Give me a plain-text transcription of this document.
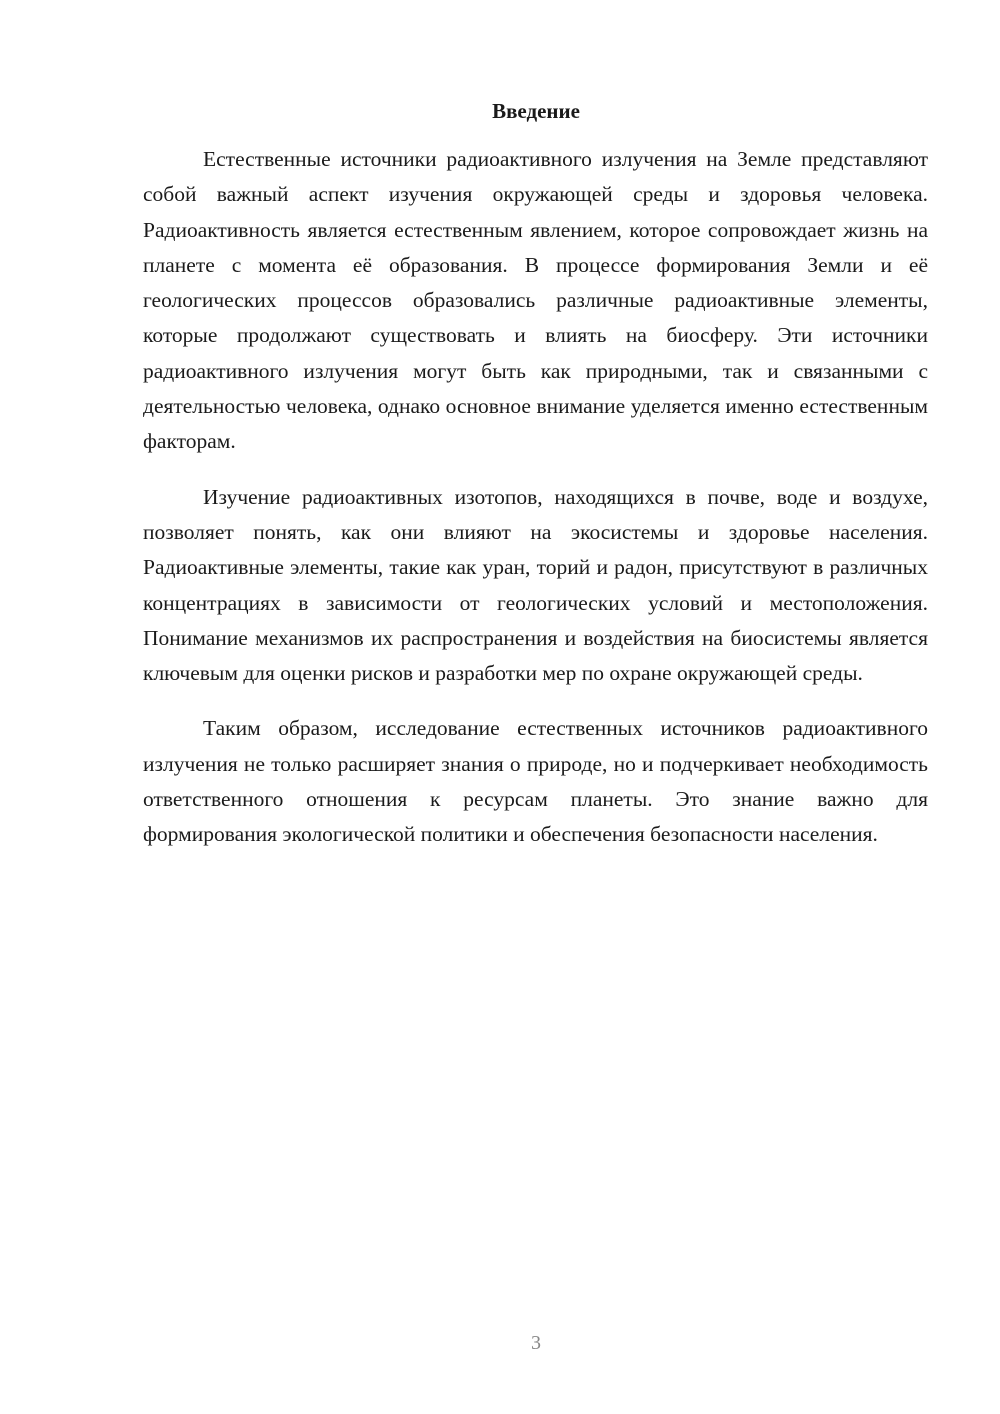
Введение

Естественные источники радиоактивного излучения на Земле представляют собой важный аспект изучения окружающей среды и здоровья человека. Радиоактивность является естественным явлением, которое сопровождает жизнь на планете с момента её образования. В процессе формирования Земли и её геологических процессов образовались различные радиоактивные элементы, которые продолжают существовать и влиять на биосферу. Эти источники радиоактивного излучения могут быть как природными, так и связанными с деятельностью человека, однако основное внимание уделяется именно естественным факторам.

Изучение радиоактивных изотопов, находящихся в почве, воде и воздухе, позволяет понять, как они влияют на экосистемы и здоровье населения. Радиоактивные элементы, такие как уран, торий и радон, присутствуют в различных концентрациях в зависимости от геологических условий и местоположения. Понимание механизмов их распространения и воздействия на биосистемы является ключевым для оценки рисков и разработки мер по охране окружающей среды.

Таким образом, исследование естественных источников радиоактивного излучения не только расширяет знания о природе, но и подчеркивает необходимость ответственного отношения к ресурсам планеты. Это знание важно для формирования экологической политики и обеспечения безопасности населения.

3
